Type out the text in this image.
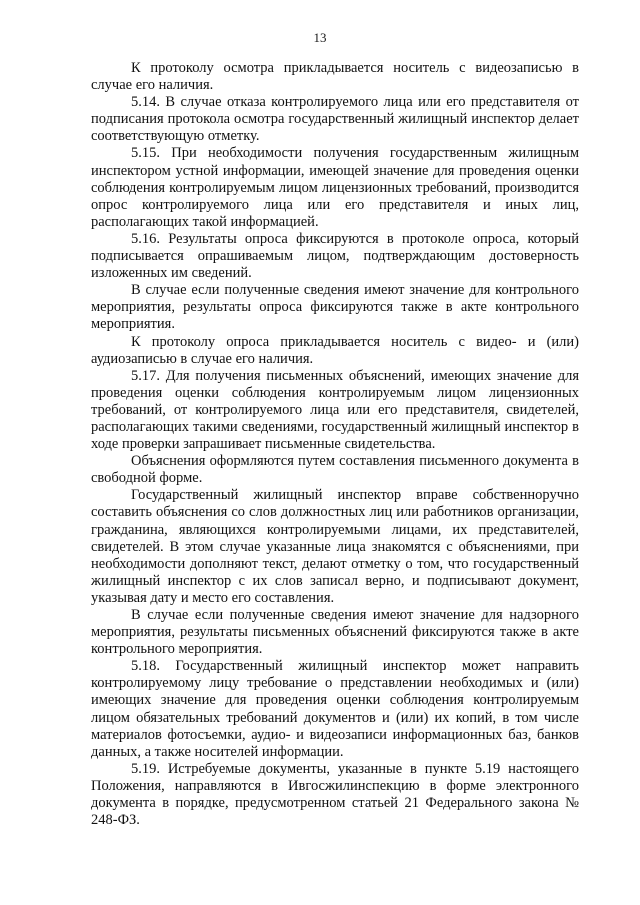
13

К протоколу осмотра прикладывается носитель с видеозаписью в случае его наличия.

5.14. В случае отказа контролируемого лица или его представителя от подписания протокола осмотра государственный жилищный инспектор делает соответствующую отметку.

5.15. При необходимости получения государственным жилищным инспектором устной информации, имеющей значение для проведения оценки соблюдения контролируемым лицом лицензионных требований, производится опрос контролируемого лица или его представителя и иных лиц, располагающих такой информацией.

5.16. Результаты опроса фиксируются в протоколе опроса, который подписывается опрашиваемым лицом, подтверждающим достоверность изложенных им сведений.

В случае если полученные сведения имеют значение для контрольного мероприятия, результаты опроса фиксируются также в акте контрольного мероприятия.

К протоколу опроса прикладывается носитель с видео- и (или) аудиозаписью в случае его наличия.

5.17. Для получения письменных объяснений, имеющих значение для проведения оценки соблюдения контролируемым лицом лицензионных требований, от контролируемого лица или его представителя, свидетелей, располагающих такими сведениями, государственный жилищный инспектор в ходе проверки запрашивает письменные свидетельства.

Объяснения оформляются путем составления письменного документа в свободной форме.

Государственный жилищный инспектор вправе собственноручно составить объяснения со слов должностных лиц или работников организации, гражданина, являющихся контролируемыми лицами, их представителей, свидетелей. В этом случае указанные лица знакомятся с объяснениями, при необходимости дополняют текст, делают отметку о том, что государственный жилищный инспектор с их слов записал верно, и подписывают документ, указывая дату и место его составления.

В случае если полученные сведения имеют значение для надзорного мероприятия, результаты письменных объяснений фиксируются также в акте контрольного мероприятия.

5.18. Государственный жилищный инспектор может направить контролируемому лицу требование о представлении необходимых и (или) имеющих значение для проведения оценки соблюдения контролируемым лицом обязательных требований документов и (или) их копий, в том числе материалов фотосъемки, аудио- и видеозаписи информационных баз, банков данных, а также носителей информации.

5.19. Истребуемые документы, указанные в пункте 5.19 настоящего Положения, направляются в Ивгосжилинспекцию в форме электронного документа в порядке, предусмотренном статьей 21 Федерального закона № 248-ФЗ.
